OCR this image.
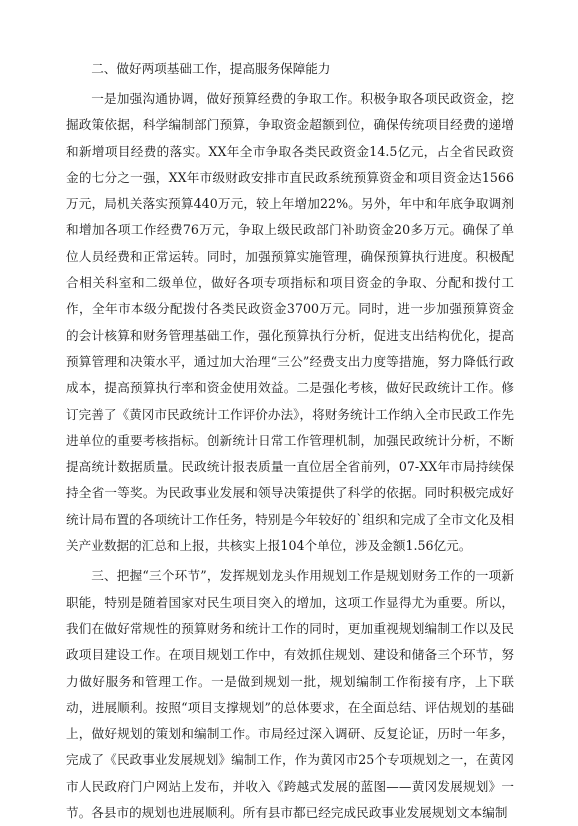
二、做好两项基础工作，提高服务保障能力

一是加强沟通协调，做好预算经费的争取工作。积极争取各项民政资金，挖掘政策依据，科学编制部门预算，争取资金超额到位，确保传统项目经费的递增和新增项目经费的落实。XX年全市争取各类民政资金14.5亿元，占全省民政资金的七分之一强，XX年市级财政安排市直民政系统预算资金和项目资金达1566万元，局机关落实预算440万元，较上年增加22%。另外，年中和年底争取调剂和增加各项工作经费76万元，争取上级民政部门补助资金20多万元。确保了单位人员经费和正常运转。同时，加强预算实施管理，确保预算执行进度。积极配合相关科室和二级单位，做好各项专项指标和项目资金的争取、分配和拨付工作，全年市本级分配拨付各类民政资金3700万元。同时，进一步加强预算资金的会计核算和财务管理基础工作，强化预算执行分析，促进支出结构优化，提高预算管理和决策水平，通过加大治理“三公”经费支出力度等措施，努力降低行政成本，提高预算执行率和资金使用效益。二是强化考核，做好民政统计工作。修订完善了《黄冈市民政统计工作评价办法》，将财务统计工作纳入全市民政工作先进单位的重要考核指标。创新统计日常工作管理机制，加强民政统计分析，不断提高统计数据质量。民政统计报表质量一直位居全省前列，07-XX年市局持续保持全省一等奖。为民政事业发展和领导决策提供了科学的依据。同时积极完成好统计局布置的各项统计工作任务，特别是今年较好的`组织和完成了全市文化及相关产业数据的汇总和上报，共核实上报104个单位，涉及金额1.56亿元。

三、把握“三个环节”，发挥规划龙头作用规划工作是规划财务工作的一项新职能，特别是随着国家对民生项目突入的增加，这项工作显得尤为重要。所以，我们在做好常规性的预算财务和统计工作的同时，更加重视规划编制工作以及民政项目建设工作。在项目规划工作中，有效抓住规划、建设和储备三个环节，努力做好服务和管理工作。一是做到规划一批，规划编制工作衔接有序，上下联动，进展顺利。按照“项目支撑规划”的总体要求，在全面总结、评估规划的基础上，做好规划的策划和编制工作。市局经过深入调研、反复论证，历时一年多，完成了《民政事业发展规划》编制工作，作为黄冈市25个专项规划之一，在黄冈市人民政府门户网站上发布，并收入《跨越式发展的蓝图——黄冈发展规划》一节。各县市的规划也进展顺利。所有县市都已经完成民政事业发展规划文本编制
